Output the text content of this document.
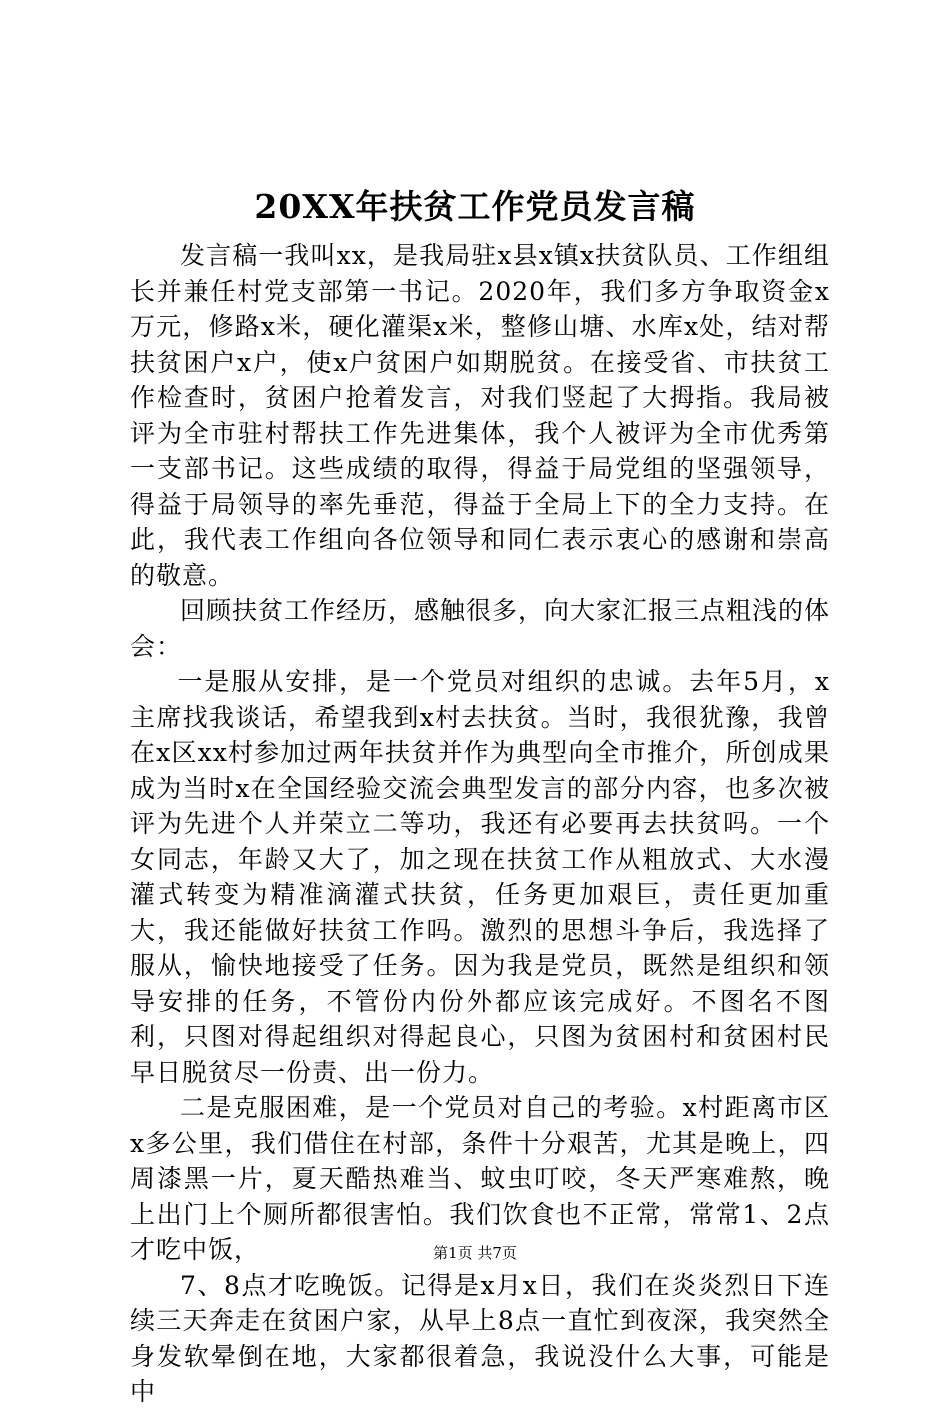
20XX年扶贫工作党员发言稿

发言稿一我叫xx，是我局驻x县x镇x扶贫队员、工作组组长并兼任村党支部第一书记。2020年，我们多方争取资金x万元，修路x米，硬化灌渠x米，整修山塘、水库x处，结对帮扶贫困户x户，使x户贫困户如期脱贫。在接受省、市扶贫工作检查时，贫困户抢着发言，对我们竖起了大拇指。我局被评为全市驻村帮扶工作先进集体，我个人被评为全市优秀第一支部书记。这些成绩的取得，得益于局党组的坚强领导，得益于局领导的率先垂范，得益于全局上下的全力支持。在此，我代表工作组向各位领导和同仁表示衷心的感谢和崇高的敬意。

回顾扶贫工作经历，感触很多，向大家汇报三点粗浅的体会：

一是服从安排，是一个党员对组织的忠诚。去年5月，x主席找我谈话，希望我到x村去扶贫。当时，我很犹豫，我曾在x区xx村参加过两年扶贫并作为典型向全市推介，所创成果成为当时x在全国经验交流会典型发言的部分内容，也多次被评为先进个人并荣立二等功，我还有必要再去扶贫吗。一个女同志，年龄又大了，加之现在扶贫工作从粗放式、大水漫灌式转变为精准滴灌式扶贫，任务更加艰巨，责任更加重大，我还能做好扶贫工作吗。激烈的思想斗争后，我选择了服从，愉快地接受了任务。因为我是党员，既然是组织和领导安排的任务，不管份内份外都应该完成好。不图名不图利，只图对得起组织对得起良心，只图为贫困村和贫困村民早日脱贫尽一份责、出一份力。

二是克服困难，是一个党员对自己的考验。x村距离市区x多公里，我们借住在村部，条件十分艰苦，尤其是晚上，四周漆黑一片，夏天酷热难当、蚊虫叮咬，冬天严寒难熬，晚上出门上个厕所都很害怕。我们饮食也不正常，常常1、2点才吃中饭，

7、8点才吃晚饭。记得是x月x日，我们在炎炎烈日下连续三天奔走在贫困户家，从早上8点一直忙到夜深，我突然全身发软晕倒在地，大家都很着急，我说没什么大事，可能是中

第1页 共7页
